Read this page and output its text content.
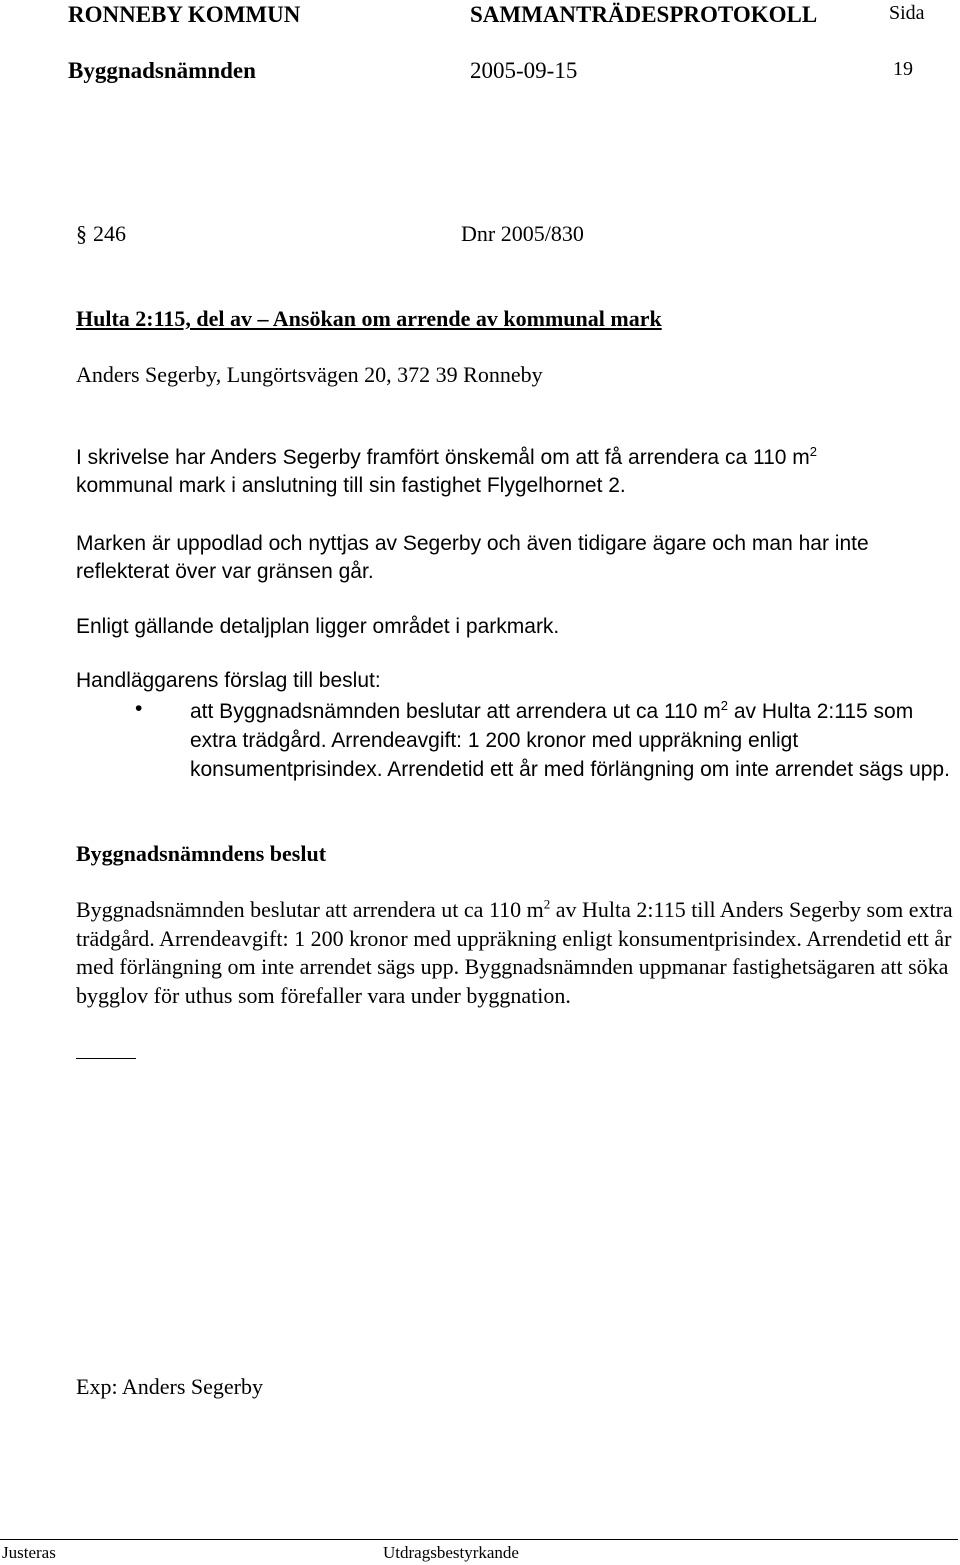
RONNEBY KOMMUN	SAMMANTRÄDESPROTOKOLL	Sida
Byggnadsnämnden	2005-09-15	19
§ 246	Dnr 2005/830
Hulta 2:115, del av – Ansökan om arrende av kommunal mark
Anders Segerby, Lungörtsvägen 20, 372 39 Ronneby
I skrivelse har Anders Segerby framfört önskemål om att få arrendera ca 110 $m^2$
kommunal mark i anslutning till sin fastighet Flygelhornet 2.
Marken är uppodlad och nyttjas av Segerby och även tidigare ägare och man har inte reflekterat över var gränsen går.
Enligt gällande detaljplan ligger området i parkmark.
Handläggarens förslag till beslut:
• att Byggnadsnämnden beslutar att arrendera ut ca 110 $m^2$ av Hulta 2:115 som extra trädgård. Arrendeavgift: 1 200 kronor med uppräkning enligt konsumentprisindex. Arrendetid ett år med förlängning om inte arrendet sägs upp.
Byggnadsnämndens beslut
Byggnadsnämnden beslutar att arrendera ut ca 110 $m^2$ av Hulta 2:115 till Anders Segerby som extra trädgård. Arrendeavgift: 1 200 kronor med uppräkning enligt konsumentprisindex. Arrendetid ett år med förlängning om inte arrendet sägs upp. Byggnadsnämnden uppmanar fastighetsägaren att söka bygglov för uthus som förefaller vara under byggnation.
Exp: Anders Segerby
Justeras	Utdragsbestyrkande
